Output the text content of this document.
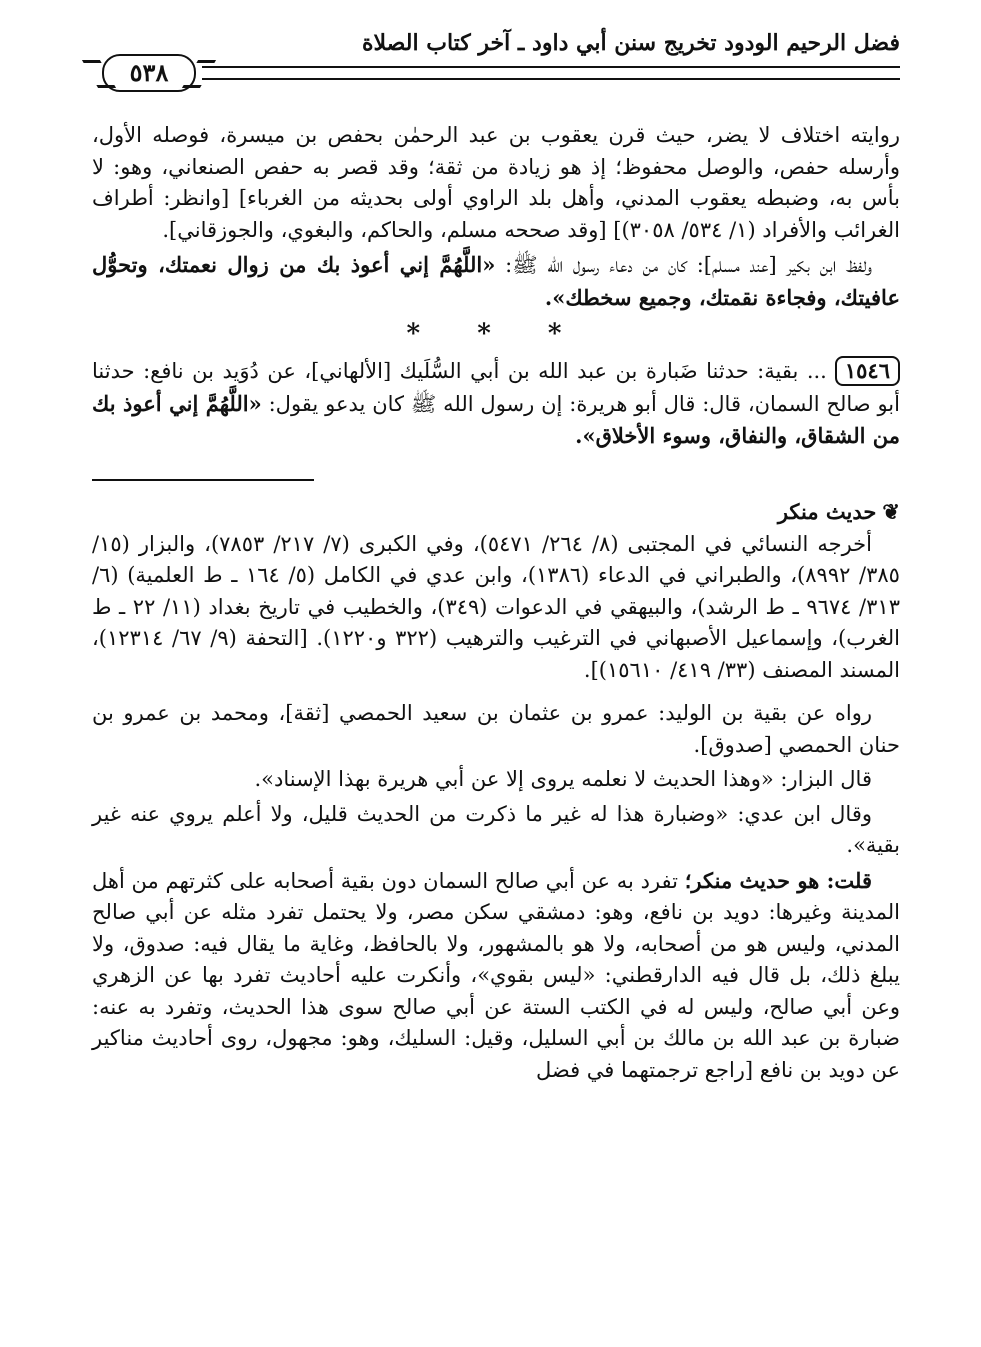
فضل الرحيم الودود تخريج سنن أبي داود ـ آخر كتاب الصلاة
٥٣٨

روايته اختلاف لا يضر، حيث قرن يعقوب بن عبد الرحمٰن بحفص بن ميسرة، فوصله الأول، وأرسله حفص، والوصل محفوظ؛ إذ هو زيادة من ثقة؛ وقد قصر به حفص الصنعاني، وهو: لا بأس به، وضبطه يعقوب المدني، وأهل بلد الراوي أولى بحديثه من الغرباء] [وانظر: أطراف الغرائب والأفراد (١/ ٥٣٤/ ٣٠٥٨)] [وقد صححه مسلم، والحاكم، والبغوي، والجوزقاني].

ولفظ ابن بكير [عند مسلم]: كان من دعاء رسول الله ﷺ: «اللَّهُمَّ إني أعوذ بك من زوال نعمتك، وتحوُّل عافيتك، وفجاءة نقمتك، وجميع سخطك».

* * *

١٥٤٦... بقية: حدثنا ضَبارة بن عبد الله بن أبي السُّلَيك [الألهاني]، عن دُوَيد بن نافع: حدثنا أبو صالح السمان، قال: قال أبو هريرة: إن رسول الله ﷺ كان يدعو يقول: «اللَّهُمَّ إني أعوذ بك من الشقاق، والنفاق، وسوء الأخلاق».

❦حديث منكر

أخرجه النسائي في المجتبى (٨/ ٢٦٤/ ٥٤٧١)، وفي الكبرى (٧/ ٢١٧/ ٧٨٥٣)، والبزار (١٥/ ٣٨٥/ ٨٩٩٢)، والطبراني في الدعاء (١٣٨٦)، وابن عدي في الكامل (٥/ ١٦٤ ـ ط العلمية) (٦/ ٣١٣/ ٩٦٧٤ ـ ط الرشد)، والبيهقي في الدعوات (٣٤٩)، والخطيب في تاريخ بغداد (١١/ ٢٢ ـ ط الغرب)، وإسماعيل الأصبهاني في الترغيب والترهيب (٣٢٢ و١٢٢٠). [التحفة (٩/ ٦٧/ ١٢٣١٤)، المسند المصنف (٣٣/ ٤١٩/ ١٥٦١٠)].

رواه عن بقية بن الوليد: عمرو بن عثمان بن سعيد الحمصي [ثقة]، ومحمد بن عمرو بن حنان الحمصي [صدوق].

قال البزار: «وهذا الحديث لا نعلمه يروى إلا عن أبي هريرة بهذا الإسناد».

وقال ابن عدي: «وضبارة هذا له غير ما ذكرت من الحديث قليل، ولا أعلم يروي عنه غير بقية».

قلت: هو حديث منكر؛ تفرد به عن أبي صالح السمان دون بقية أصحابه على كثرتهم من أهل المدينة وغيرها: دويد بن نافع، وهو: دمشقي سكن مصر، ولا يحتمل تفرد مثله عن أبي صالح المدني، وليس هو من أصحابه، ولا هو بالمشهور، ولا بالحافظ، وغاية ما يقال فيه: صدوق، ولا يبلغ ذلك، بل قال فيه الدارقطني: «ليس بقوي»، وأنكرت عليه أحاديث تفرد بها عن الزهري وعن أبي صالح، وليس له في الكتب الستة عن أبي صالح سوى هذا الحديث، وتفرد به عنه: ضبارة بن عبد الله بن مالك بن أبي السليل، وقيل: السليك، وهو: مجهول، روى أحاديث مناكير عن دويد بن نافع [راجع ترجمتهما في فضل
